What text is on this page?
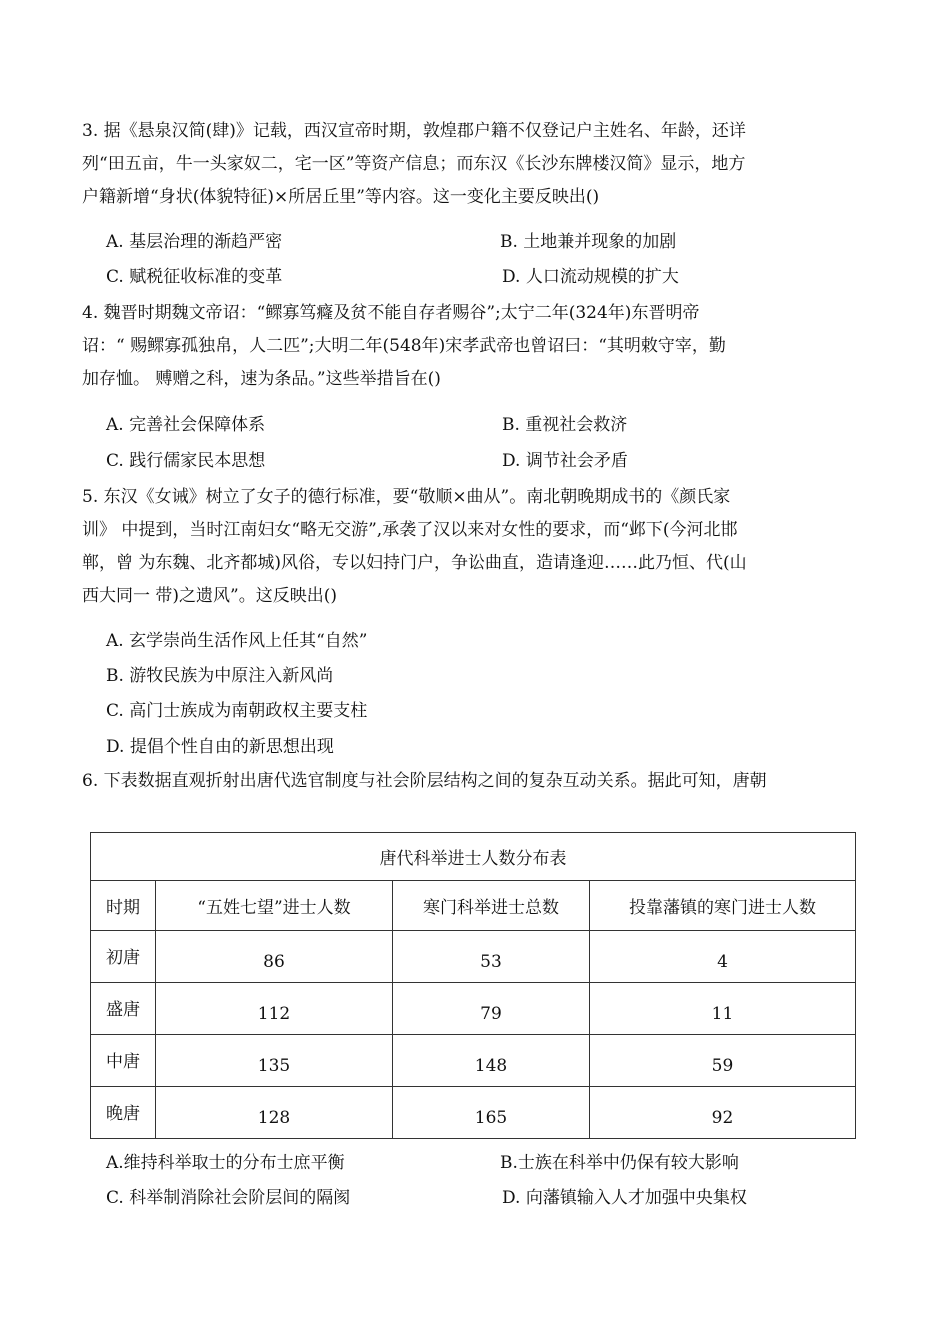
3. 据《悬泉汉简(肆)》记载，西汉宣帝时期，敦煌郡户籍不仅登记户主姓名、年龄，还详

列“田五亩，牛一头家奴二，宅一区”等资产信息；而东汉《长沙东牌楼汉简》显示，地方

户籍新增“身状(体貌特征)×所居丘里”等内容。这一变化主要反映出()

A. 基层治理的渐趋严密	B. 土地兼并现象的加剧
C. 赋税征收标准的变革	D. 人口流动规模的扩大

4. 魏晋时期魏文帝诏：“鳏寡笃癃及贫不能自存者赐谷”;太宁二年(324年)东晋明帝

诏：“ 赐鳏寡孤独帛，人二匹”;大明二年(548年)宋孝武帝也曾诏曰：“其明敕守宰，勤

加存恤。 赙赠之科，速为条品。”这些举措旨在()

A. 完善社会保障体系	B. 重视社会救济
C. 践行儒家民本思想	D. 调节社会矛盾

5. 东汉《女诫》树立了女子的德行标准，要“敬顺×曲从”。南北朝晚期成书的《颜氏家

训》 中提到，当时江南妇女“略无交游”,承袭了汉以来对女性的要求，而“邺下(今河北邯

郸，曾 为东魏、北齐都城)风俗，专以妇持门户，争讼曲直，造请逢迎……此乃恒、代(山

西大同一 带)之遗风”。这反映出()

A. 玄学崇尚生活作风上任其“自然”
B. 游牧民族为中原注入新风尚
C. 高门士族成为南朝政权主要支柱
D. 提倡个性自由的新思想出现

6. 下表数据直观折射出唐代选官制度与社会阶层结构之间的复杂互动关系。据此可知，唐朝

唐代科举进士人数分布表			
时期	“五姓七望”进士人数	寒门科举进士总数	投靠藩镇的寒门进士人数
初唐	86	53	4
盛唐	112	79	11
中唐	135	148	59
晚唐	128	165	92
A.维持科举取士的分布士庶平衡	B.士族在科举中仍保有较大影响
C. 科举制消除社会阶层间的隔阂	D. 向藩镇输入人才加强中央集权
